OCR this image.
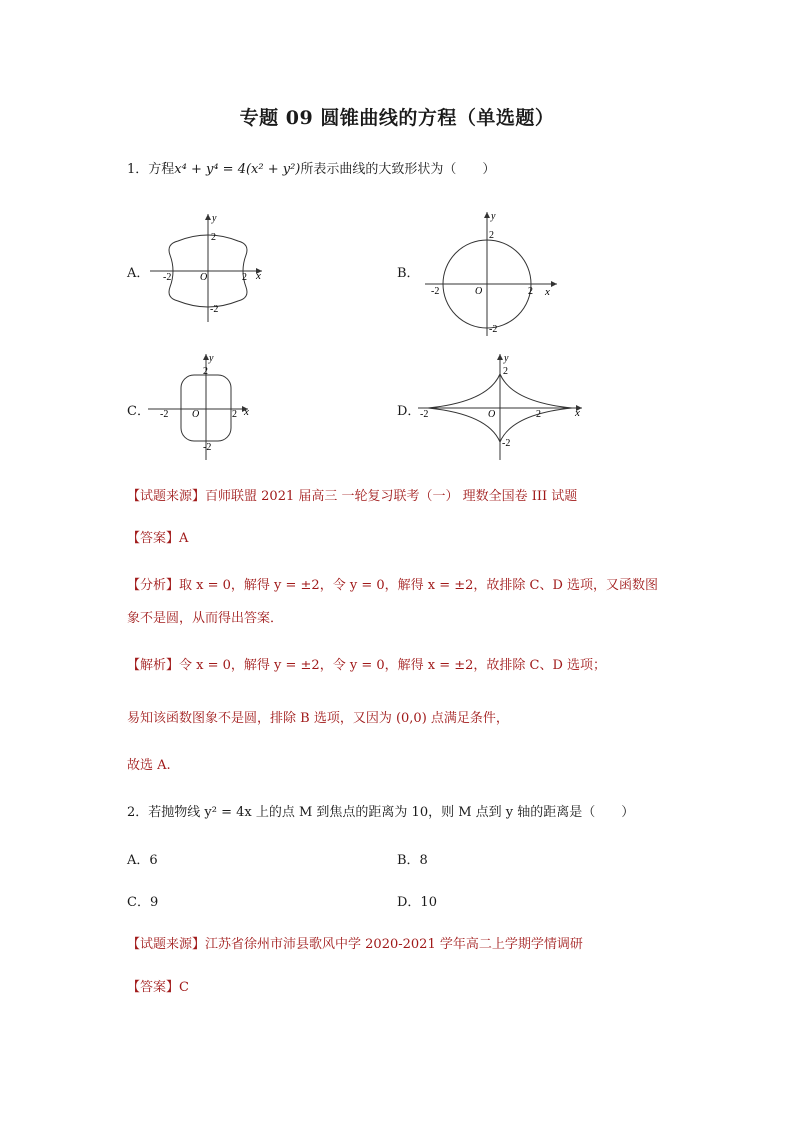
专题 09 圆锥曲线的方程（单选题）
1．方程x⁴ + y⁴ = 4(x² + y²)所表示曲线的大致形状为（　　）
A．	x
y
O
-2	2
2
-2
B．
x
y
O
-2	2
2
-2
C．	x
y
O
-2	2
2
-2
D．	x
y
O
-2	2
2
-2
【试题来源】百师联盟 2021 届高三 一轮复习联考（一） 理数全国卷 III 试题
【答案】A
【分析】取 x = 0，解得 y = ±2，令 y = 0，解得 x = ±2，故排除 C、D 选项，又函数图
象不是圆，从而得出答案．
【解析】令 x = 0，解得 y = ±2，令 y = 0，解得 x = ±2，故排除 C、D 选项；
易知该函数图象不是圆，排除 B 选项，又因为 (0,0) 点满足条件，
故选 A.
2．若抛物线 y² = 4x 上的点 M 到焦点的距离为 10，则 M 点到 y 轴的距离是（　　）
A．6	B．8
C．9	D．10
【试题来源】江苏省徐州市沛县歌风中学 2020-2021 学年高二上学期学情调研
【答案】C
